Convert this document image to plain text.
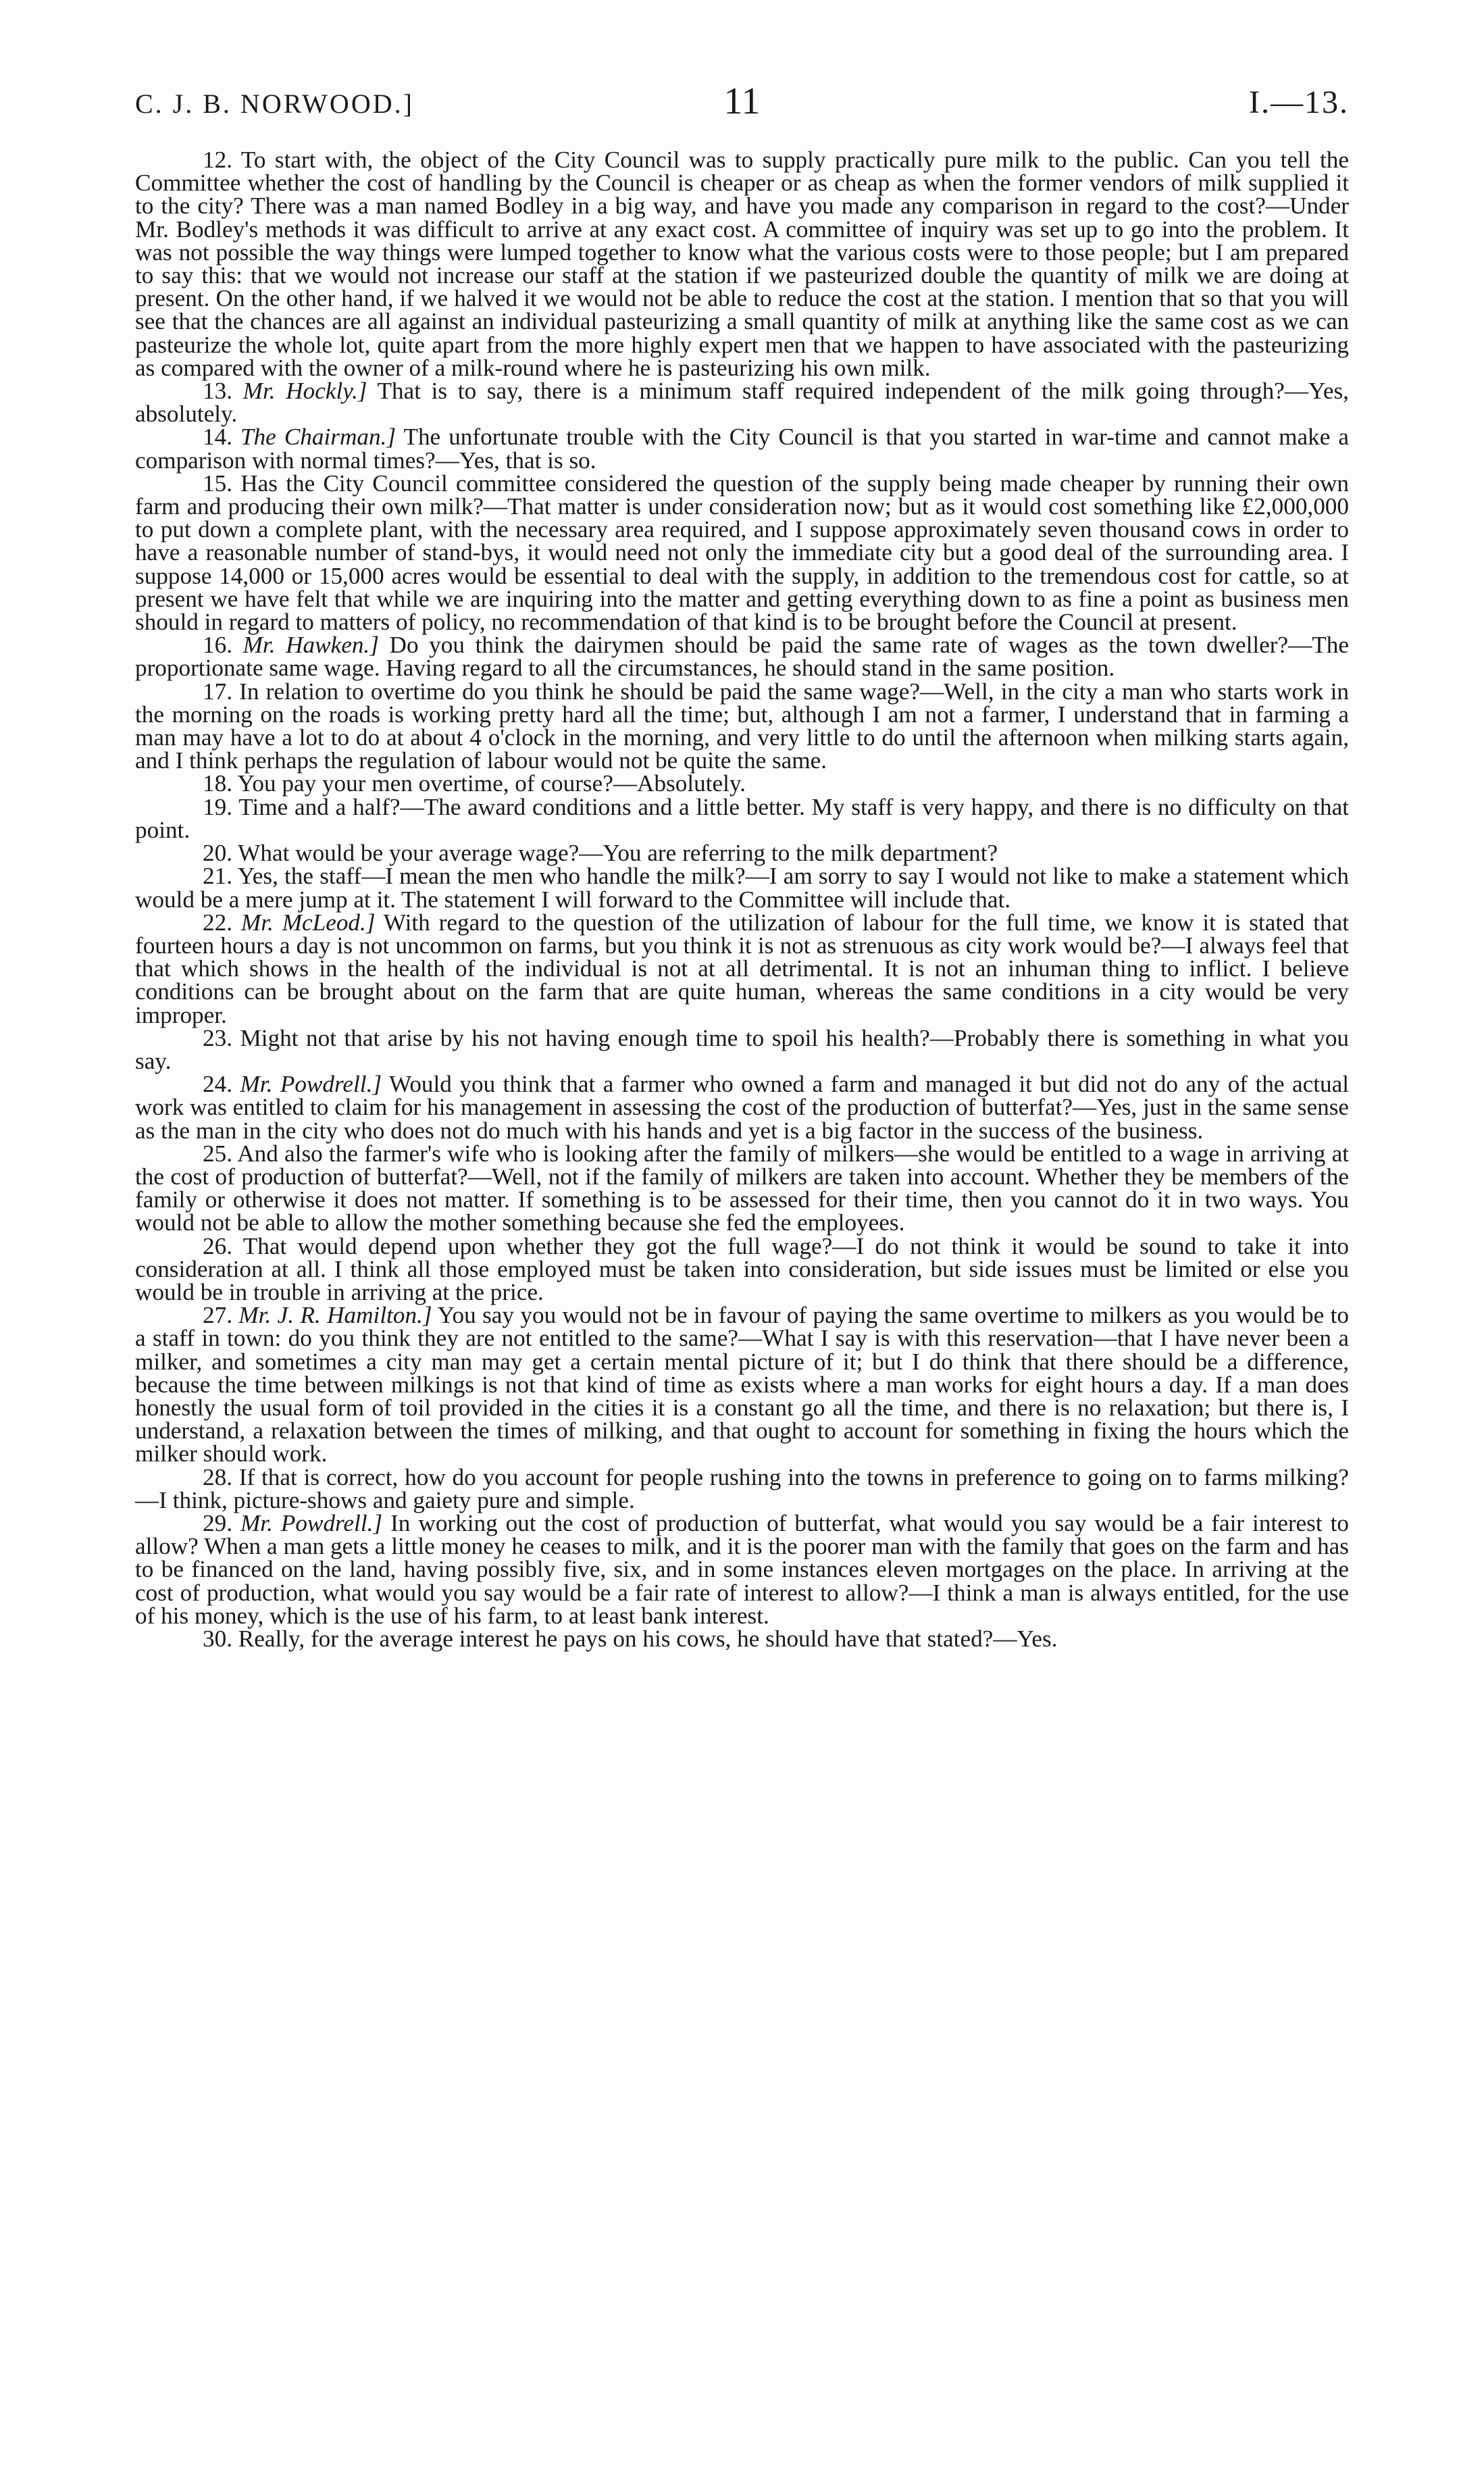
C. J. B. NORWOOD.]	11	I.—13.

12. To start with, the object of the City Council was to supply practically pure milk to the public. Can you tell the Committee whether the cost of handling by the Council is cheaper or as cheap as when the former vendors of milk supplied it to the city? There was a man named Bodley in a big way, and have you made any comparison in regard to the cost?—Under Mr. Bodley's methods it was difficult to arrive at any exact cost. A committee of inquiry was set up to go into the problem. It was not possible the way things were lumped together to know what the various costs were to those people; but I am prepared to say this: that we would not increase our staff at the station if we pasteurized double the quantity of milk we are doing at present. On the other hand, if we halved it we would not be able to reduce the cost at the station. I mention that so that you will see that the chances are all against an individual pasteurizing a small quantity of milk at anything like the same cost as we can pasteurize the whole lot, quite apart from the more highly expert men that we happen to have associated with the pasteurizing as compared with the owner of a milk-round where he is pasteurizing his own milk.

13. Mr. Hockly.] That is to say, there is a minimum staff required independent of the milk going through?—Yes, absolutely.

14. The Chairman.] The unfortunate trouble with the City Council is that you started in war-time and cannot make a comparison with normal times?—Yes, that is so.

15. Has the City Council committee considered the question of the supply being made cheaper by running their own farm and producing their own milk?—That matter is under consideration now; but as it would cost something like £2,000,000 to put down a complete plant, with the necessary area required, and I suppose approximately seven thousand cows in order to have a reasonable number of stand-bys, it would need not only the immediate city but a good deal of the surrounding area. I suppose 14,000 or 15,000 acres would be essential to deal with the supply, in addition to the tremendous cost for cattle, so at present we have felt that while we are inquiring into the matter and getting everything down to as fine a point as business men should in regard to matters of policy, no recommendation of that kind is to be brought before the Council at present.

16. Mr. Hawken.] Do you think the dairymen should be paid the same rate of wages as the town dweller?—The proportionate same wage. Having regard to all the circumstances, he should stand in the same position.

17. In relation to overtime do you think he should be paid the same wage?—Well, in the city a man who starts work in the morning on the roads is working pretty hard all the time; but, although I am not a farmer, I understand that in farming a man may have a lot to do at about 4 o'clock in the morning, and very little to do until the afternoon when milking starts again, and I think perhaps the regulation of labour would not be quite the same.

18. You pay your men overtime, of course?—Absolutely.

19. Time and a half?—The award conditions and a little better. My staff is very happy, and there is no difficulty on that point.

20. What would be your average wage?—You are referring to the milk department?

21. Yes, the staff—I mean the men who handle the milk?—I am sorry to say I would not like to make a statement which would be a mere jump at it. The statement I will forward to the Committee will include that.

22. Mr. McLeod.] With regard to the question of the utilization of labour for the full time, we know it is stated that fourteen hours a day is not uncommon on farms, but you think it is not as strenuous as city work would be?—I always feel that that which shows in the health of the individual is not at all detrimental. It is not an inhuman thing to inflict. I believe conditions can be brought about on the farm that are quite human, whereas the same conditions in a city would be very improper.

23. Might not that arise by his not having enough time to spoil his health?—Probably there is something in what you say.

24. Mr. Powdrell.] Would you think that a farmer who owned a farm and managed it but did not do any of the actual work was entitled to claim for his management in assessing the cost of the production of butterfat?—Yes, just in the same sense as the man in the city who does not do much with his hands and yet is a big factor in the success of the business.

25. And also the farmer's wife who is looking after the family of milkers—she would be entitled to a wage in arriving at the cost of production of butterfat?—Well, not if the family of milkers are taken into account. Whether they be members of the family or otherwise it does not matter. If something is to be assessed for their time, then you cannot do it in two ways. You would not be able to allow the mother something because she fed the employees.

26. That would depend upon whether they got the full wage?—I do not think it would be sound to take it into consideration at all. I think all those employed must be taken into consideration, but side issues must be limited or else you would be in trouble in arriving at the price.

27. Mr. J. R. Hamilton.] You say you would not be in favour of paying the same overtime to milkers as you would be to a staff in town: do you think they are not entitled to the same?—What I say is with this reservation—that I have never been a milker, and sometimes a city man may get a certain mental picture of it; but I do think that there should be a difference, because the time between milkings is not that kind of time as exists where a man works for eight hours a day. If a man does honestly the usual form of toil provided in the cities it is a constant go all the time, and there is no relaxation; but there is, I understand, a relaxation between the times of milking, and that ought to account for something in fixing the hours which the milker should work.

28. If that is correct, how do you account for people rushing into the towns in preference to going on to farms milking?—I think, picture-shows and gaiety pure and simple.

29. Mr. Powdrell.] In working out the cost of production of butterfat, what would you say would be a fair interest to allow? When a man gets a little money he ceases to milk, and it is the poorer man with the family that goes on the farm and has to be financed on the land, having possibly five, six, and in some instances eleven mortgages on the place. In arriving at the cost of production, what would you say would be a fair rate of interest to allow?—I think a man is always entitled, for the use of his money, which is the use of his farm, to at least bank interest.

30. Really, for the average interest he pays on his cows, he should have that stated?—Yes.
